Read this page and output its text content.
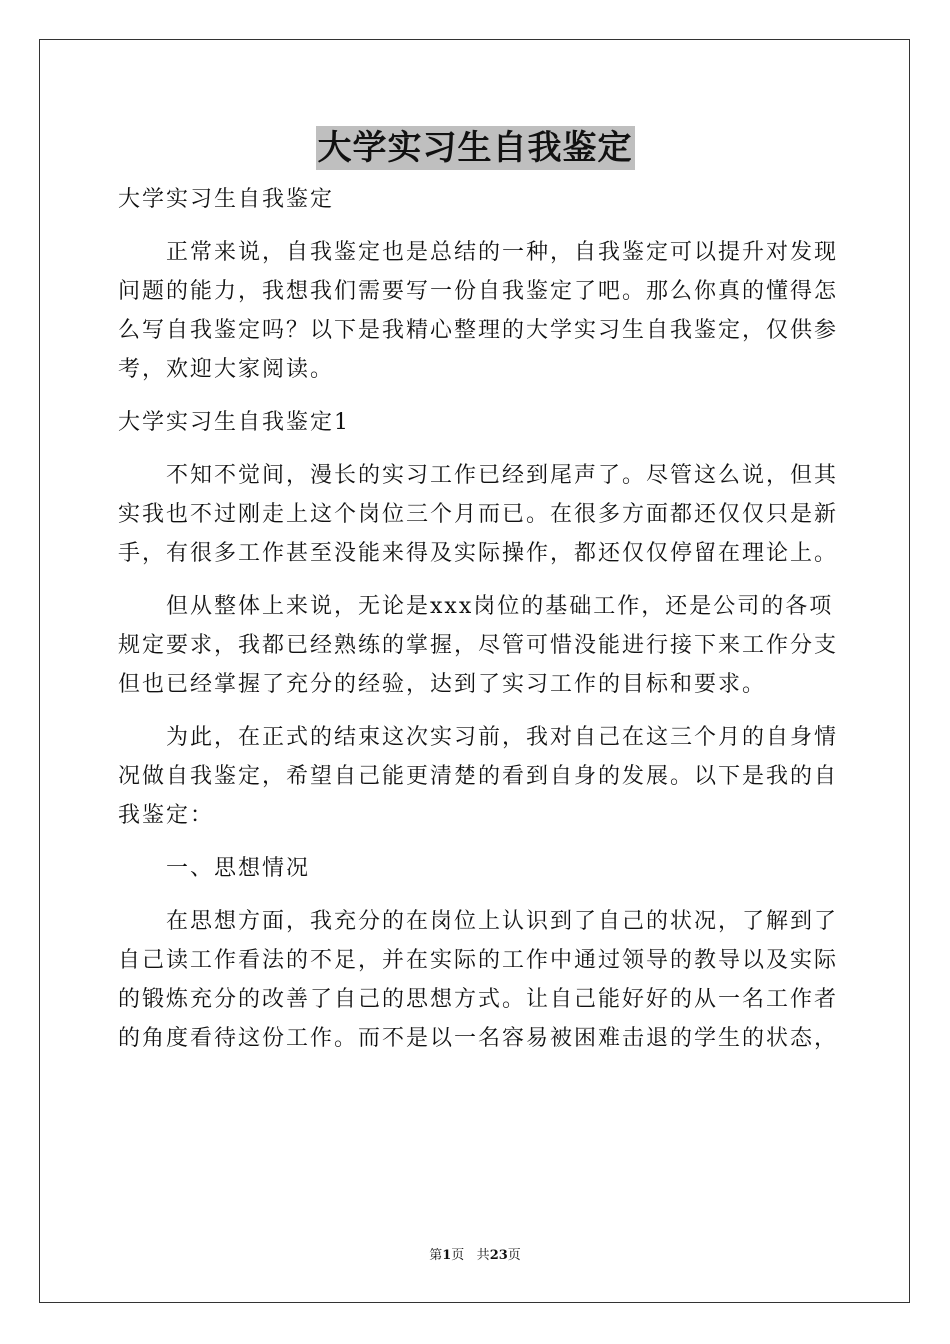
大学实习生自我鉴定
大学实习生自我鉴定
正常来说，自我鉴定也是总结的一种，自我鉴定可以提升对发现
问题的能力，我想我们需要写一份自我鉴定了吧。那么你真的懂得怎
么写自我鉴定吗？以下是我精心整理的大学实习生自我鉴定，仅供参
考，欢迎大家阅读。
大学实习生自我鉴定1
不知不觉间，漫长的实习工作已经到尾声了。尽管这么说，但其
实我也不过刚走上这个岗位三个月而已。在很多方面都还仅仅只是新
手，有很多工作甚至没能来得及实际操作，都还仅仅停留在理论上。
但从整体上来说，无论是xxx岗位的基础工作，还是公司的各项
规定要求，我都已经熟练的掌握，尽管可惜没能进行接下来工作分支
但也已经掌握了充分的经验，达到了实习工作的目标和要求。
为此，在正式的结束这次实习前，我对自己在这三个月的自身情
况做自我鉴定，希望自己能更清楚的看到自身的发展。以下是我的自
我鉴定：
一、思想情况
在思想方面，我充分的在岗位上认识到了自己的状况，了解到了
自己读工作看法的不足，并在实际的工作中通过领导的教导以及实际
的锻炼充分的改善了自己的思想方式。让自己能好好的从一名工作者
的角度看待这份工作。而不是以一名容易被困难击退的学生的状态，
第1页 共23页
